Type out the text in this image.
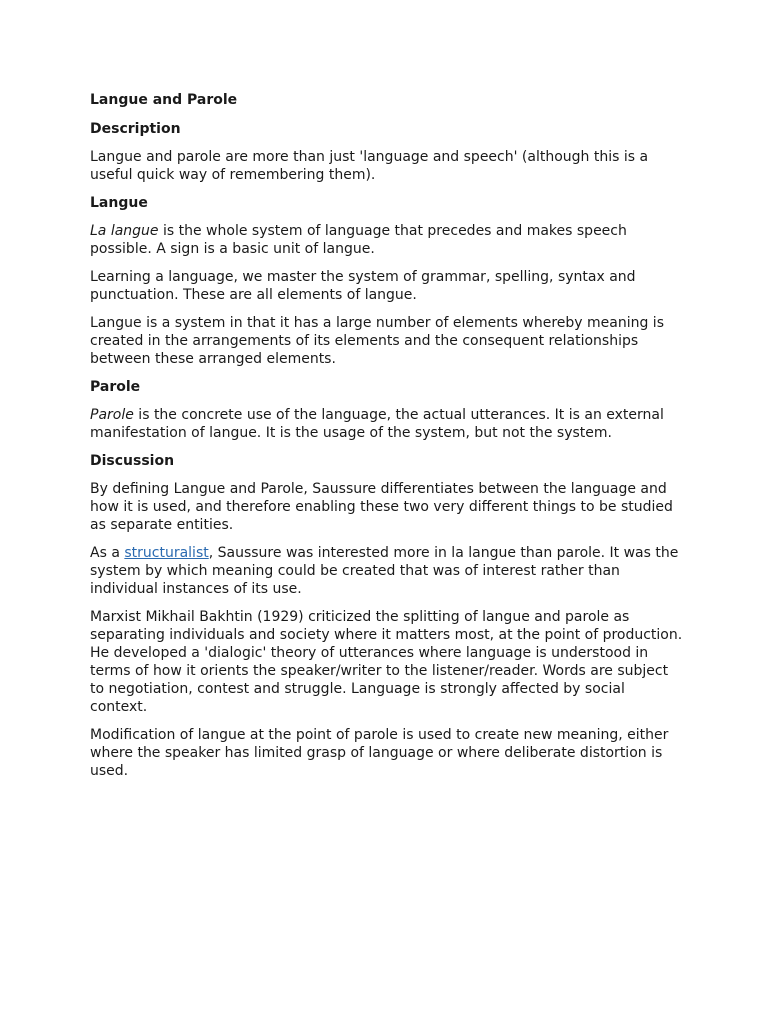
Langue and Parole
Description
Langue and parole are more than just 'language and speech' (although this is a
useful quick way of remembering them).
Langue
La langue is the whole system of language that precedes and makes speech
possible. A sign is a basic unit of langue.
Learning a language, we master the system of grammar, spelling, syntax and
punctuation. These are all elements of langue.
Langue is a system in that it has a large number of elements whereby meaning is
created in the arrangements of its elements and the consequent relationships
between these arranged elements.
Parole
Parole is the concrete use of the language, the actual utterances. It is an external
manifestation of langue. It is the usage of the system, but not the system.
Discussion
By defining Langue and Parole, Saussure differentiates between the language and
how it is used, and therefore enabling these two very different things to be studied
as separate entities.
As a structuralist, Saussure was interested more in la langue than parole. It was the
system by which meaning could be created that was of interest rather than
individual instances of its use.
Marxist Mikhail Bakhtin (1929) criticized the splitting of langue and parole as
separating individuals and society where it matters most, at the point of production.
He developed a 'dialogic' theory of utterances where language is understood in
terms of how it orients the speaker/writer to the listener/reader. Words are subject
to negotiation, contest and struggle. Language is strongly affected by social
context.
Modification of langue at the point of parole is used to create new meaning, either
where the speaker has limited grasp of language or where deliberate distortion is
used.
